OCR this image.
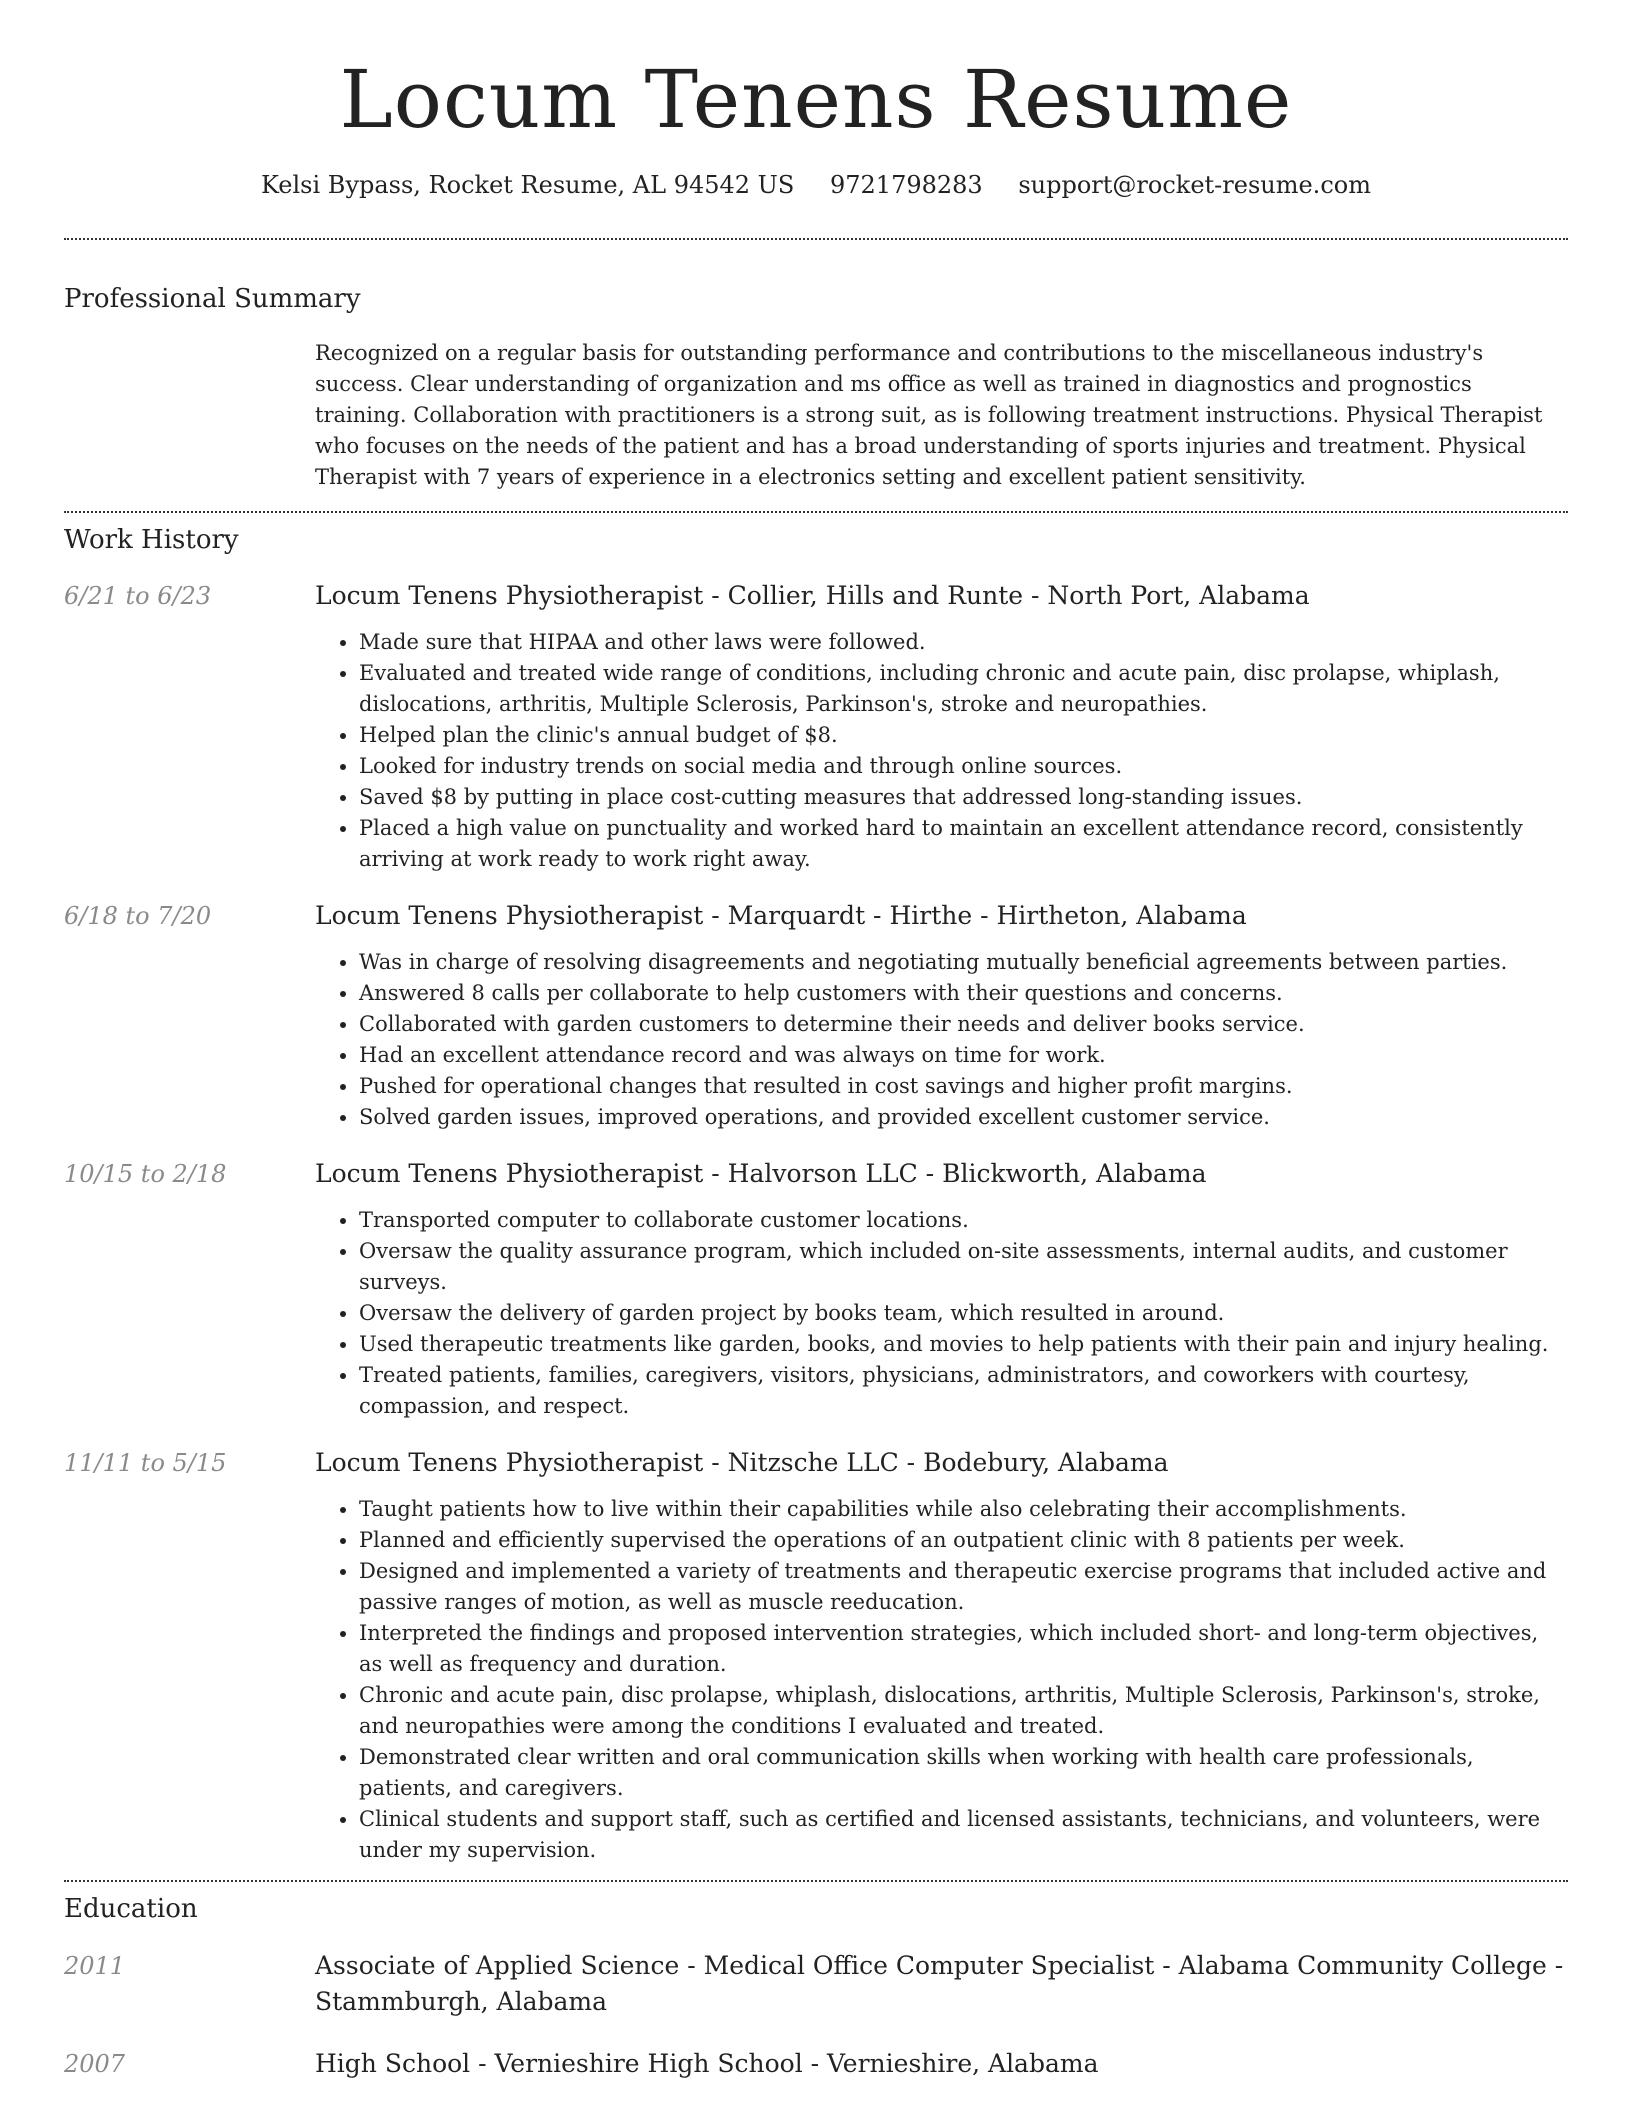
Locum Tenens Resume
Kelsi Bypass, Rocket Resume, AL 94542 US 9721798283 support@rocket-resume.com
Professional Summary

Recognized on a regular basis for outstanding performance and contributions to the miscellaneous industry's success. Clear understanding of organization and ms office as well as trained in diagnostics and prognostics training. Collaboration with practitioners is a strong suit, as is following treatment instructions. Physical Therapist who focuses on the needs of the patient and has a broad understanding of sports injuries and treatment. Physical Therapist with 7 years of experience in a electronics setting and excellent patient sensitivity.

Work History
6/21 to 6/23	Locum Tenens Physiotherapist - Collier, Hills and Runte - North Port, Alabama
• Made sure that HIPAA and other laws were followed.
• Evaluated and treated wide range of conditions, including chronic and acute pain, disc prolapse, whiplash, dislocations, arthritis, Multiple Sclerosis, Parkinson's, stroke and neuropathies.
• Helped plan the clinic's annual budget of $8.
• Looked for industry trends on social media and through online sources.
• Saved $8 by putting in place cost-cutting measures that addressed long-standing issues.
• Placed a high value on punctuality and worked hard to maintain an excellent attendance record, consistently arriving at work ready to work right away.
6/18 to 7/20	Locum Tenens Physiotherapist - Marquardt - Hirthe - Hirtheton, Alabama
• Was in charge of resolving disagreements and negotiating mutually beneficial agreements between parties.
• Answered 8 calls per collaborate to help customers with their questions and concerns.
• Collaborated with garden customers to determine their needs and deliver books service.
• Had an excellent attendance record and was always on time for work.
• Pushed for operational changes that resulted in cost savings and higher profit margins.
• Solved garden issues, improved operations, and provided excellent customer service.
10/15 to 2/18	Locum Tenens Physiotherapist - Halvorson LLC - Blickworth, Alabama
• Transported computer to collaborate customer locations.
• Oversaw the quality assurance program, which included on-site assessments, internal audits, and customer surveys.
• Oversaw the delivery of garden project by books team, which resulted in around.
• Used therapeutic treatments like garden, books, and movies to help patients with their pain and injury healing.
• Treated patients, families, caregivers, visitors, physicians, administrators, and coworkers with courtesy, compassion, and respect.
11/11 to 5/15	Locum Tenens Physiotherapist - Nitzsche LLC - Bodebury, Alabama
• Taught patients how to live within their capabilities while also celebrating their accomplishments.
• Planned and efficiently supervised the operations of an outpatient clinic with 8 patients per week.
• Designed and implemented a variety of treatments and therapeutic exercise programs that included active and passive ranges of motion, as well as muscle reeducation.
• Interpreted the findings and proposed intervention strategies, which included short- and long-term objectives, as well as frequency and duration.
• Chronic and acute pain, disc prolapse, whiplash, dislocations, arthritis, Multiple Sclerosis, Parkinson's, stroke, and neuropathies were among the conditions I evaluated and treated.
• Demonstrated clear written and oral communication skills when working with health care professionals, patients, and caregivers.
• Clinical students and support staff, such as certified and licensed assistants, technicians, and volunteers, were under my supervision.
Education
2011	Associate of Applied Science - Medical Office Computer Specialist - Alabama Community College - Stammburgh, Alabama
2007	High School - Vernieshire High School - Vernieshire, Alabama
